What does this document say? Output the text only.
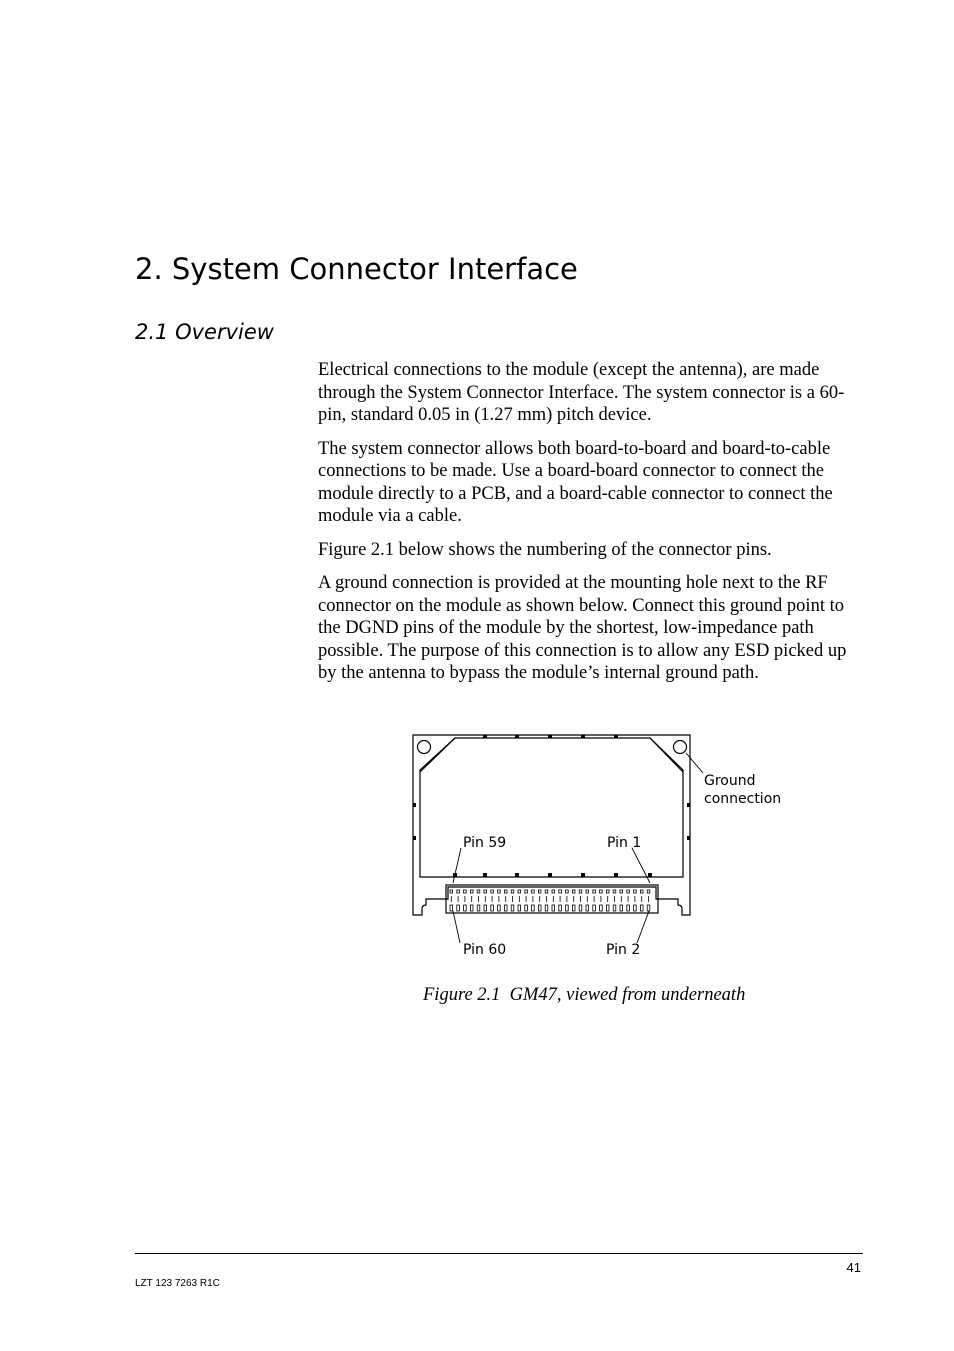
2. System Connector Interface
2.1 Overview

Electrical connections to the module (except the antenna), are made through the System Connector Interface. The system connector is a 60-pin, standard 0.05 in (1.27 mm) pitch device.

The system connector allows both board-to-board and board-to-cable connections to be made. Use a board-board connector to connect the module directly to a PCB, and a board-cable connector to connect the module via a cable.

Figure 2.1 below shows the numbering of the connector pins.

A ground connection is provided at the mounting hole next to the RF connector on the module as shown below. Connect this ground point to the DGND pins of the module by the shortest, low-impedance path possible. The purpose of this connection is to allow any ESD picked up by the antenna to bypass the module’s internal ground path.

Ground
connection
Pin 59	Pin 1
Pin 60	Pin 2
Figure 2.1  GM47, viewed from underneath
41
LZT 123 7263 R1C
